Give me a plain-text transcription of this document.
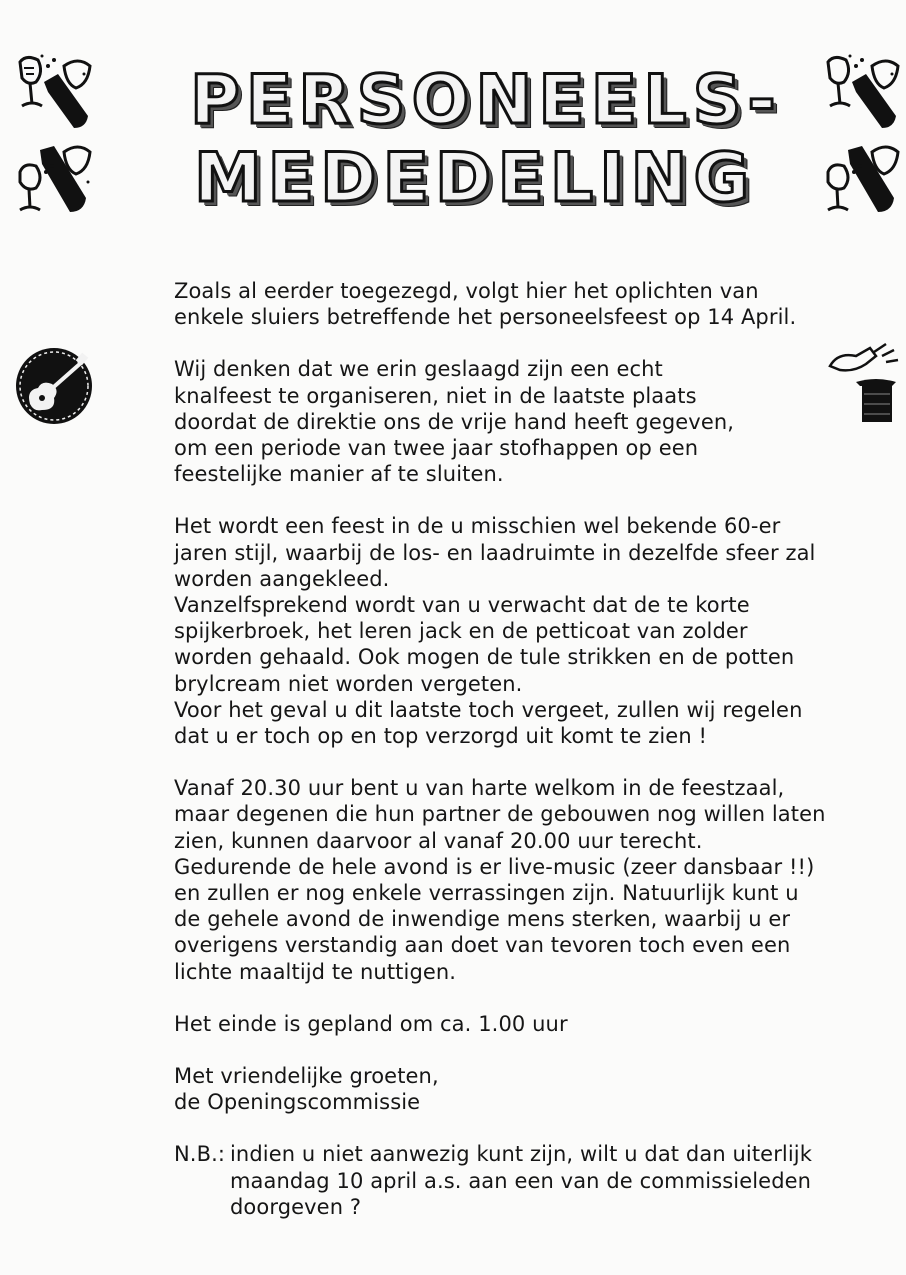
PERSONEELS-
MEDEDELING
Zoals al eerder toegezegd, volgt hier het oplichten van
enkele sluiers betreffende het personeelsfeest op 14 April.
Wij denken dat we erin geslaagd zijn een echt
knalfeest te organiseren, niet in de laatste plaats
doordat de direktie ons de vrije hand heeft gegeven,
om een periode van twee jaar stofhappen op een
feestelijke manier af te sluiten.
Het wordt een feest in de u misschien wel bekende 60-er
jaren stijl, waarbij de los- en laadruimte in dezelfde sfeer zal
worden aangekleed.
Vanzelfsprekend wordt van u verwacht dat de te korte
spijkerbroek, het leren jack en de petticoat van zolder
worden gehaald. Ook mogen de tule strikken en de potten
brylcream niet worden vergeten.
Voor het geval u dit laatste toch vergeet, zullen wij regelen
dat u er toch op en top verzorgd uit komt te zien !
Vanaf 20.30 uur bent u van harte welkom in de feestzaal,
maar degenen die hun partner de gebouwen nog willen laten
zien, kunnen daarvoor al vanaf 20.00 uur terecht.
Gedurende de hele avond is er live-music (zeer dansbaar !!)
en zullen er nog enkele verrassingen zijn. Natuurlijk kunt u
de gehele avond de inwendige mens sterken, waarbij u er
overigens verstandig aan doet van tevoren toch even een
lichte maaltijd te nuttigen.
Het einde is gepland om ca. 1.00 uur
Met vriendelijke groeten,
de Openingscommissie
N.B.: indien u niet aanwezig kunt zijn, wilt u dat dan uiterlijk
maandag 10 april a.s. aan een van de commissieleden
doorgeven ?
